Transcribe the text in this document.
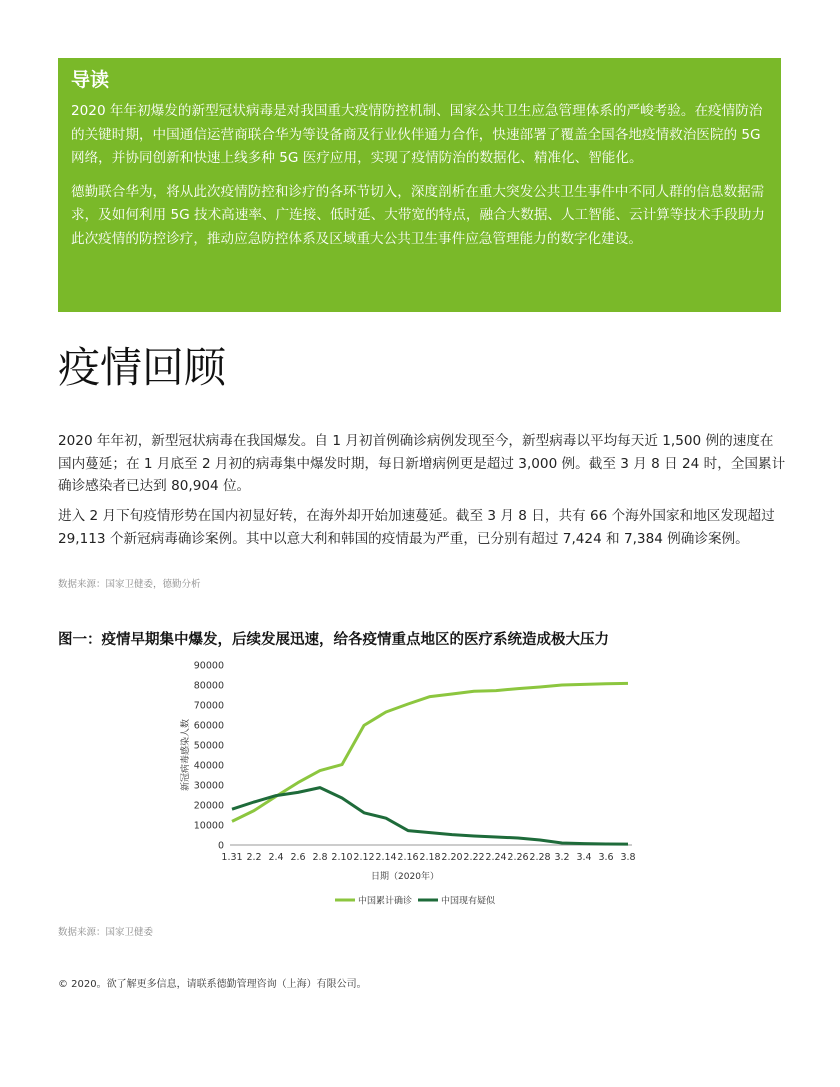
导读

2020 年年初爆发的新型冠状病毒是对我国重大疫情防控机制、国家公共卫生应急管理体系的严峻考验。在疫情防治的关键时期，中国通信运营商联合华为等设备商及行业伙伴通力合作，快速部署了覆盖全国各地疫情救治医院的 5G 网络，并协同创新和快速上线多种 5G 医疗应用，实现了疫情防治的数据化、精准化、智能化。

德勤联合华为，将从此次疫情防控和诊疗的各环节切入，深度剖析在重大突发公共卫生事件中不同人群的信息数据需求，及如何利用 5G 技术高速率、广连接、低时延、大带宽的特点，融合大数据、人工智能、云计算等技术手段助力此次疫情的防控诊疗，推动应急防控体系及区域重大公共卫生事件应急管理能力的数字化建设。

疫情回顾

2020 年年初，新型冠状病毒在我国爆发。自 1 月初首例确诊病例发现至今，新型病毒以平均每天近 1,500 例的速度在国内蔓延；在 1 月底至 2 月初的病毒集中爆发时期，每日新增病例更是超过 3,000 例。截至 3 月 8 日 24 时，全国累计确诊感染者已达到 80,904 位。

进入 2 月下旬疫情形势在国内初显好转，在海外却开始加速蔓延。截至 3 月 8 日，共有 66 个海外国家和地区发现超过 29,113 个新冠病毒确诊案例。其中以意大利和韩国的疫情最为严重，已分别有超过 7,424 和 7,384 例确诊案例。

数据来源：国家卫健委，德勤分析

图一：疫情早期集中爆发，后续发展迅速，给各疫情重点地区的医疗系统造成极大压力

0
10000
20000
30000
40000
50000
60000
70000
80000
90000
1.31 2.2 2.4 2.6 2.8 2.10 2.12 2.14 2.16 2.18 2.20 2.22 2.24 2.26 2.28 3.2 3.4 3.6 3.8
新冠病毒感染人数
日期（2020年）
中国累计确诊	中国现有疑似

数据来源：国家卫健委

© 2020。欲了解更多信息，请联系德勤管理咨询（上海）有限公司。
